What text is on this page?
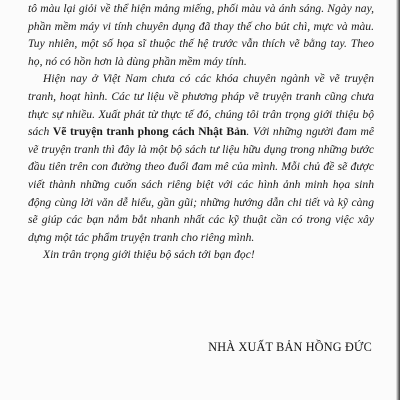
tô màu lại giỏi về thể hiện mảng miếng, phối màu và ánh sáng. Ngày nay, phần mềm máy vi tính chuyên dụng đã thay thế cho bút chì, mực và màu. Tuy nhiên, một số họa sĩ thuộc thế hệ trước vẫn thích vẽ bằng tay. Theo họ, nó có hồn hơn là dùng phần mềm máy tính.

Hiện nay ở Việt Nam chưa có các khóa chuyên ngành về vẽ truyện tranh, hoạt hình. Các tư liệu về phương pháp vẽ truyện tranh cũng chưa thực sự nhiều. Xuất phát từ thực tế đó, chúng tôi trân trọng giới thiệu bộ sách Vẽ truyện tranh phong cách Nhật Bản. Với những người đam mê vẽ truyện tranh thì đây là một bộ sách tư liệu hữu dụng trong những bước đầu tiên trên con đường theo đuổi đam mê của mình. Mỗi chủ đề sẽ được viết thành những cuốn sách riêng biệt với các hình ảnh minh họa sinh động cùng lời văn dễ hiểu, gần gũi; những hướng dẫn chi tiết và kỹ càng sẽ giúp các bạn nắm bắt nhanh nhất các kỹ thuật cần có trong việc xây dựng một tác phẩm truyện tranh cho riêng mình.

Xin trân trọng giới thiệu bộ sách tới bạn đọc!

NHÀ XUẤT BẢN HỒNG ĐỨC
